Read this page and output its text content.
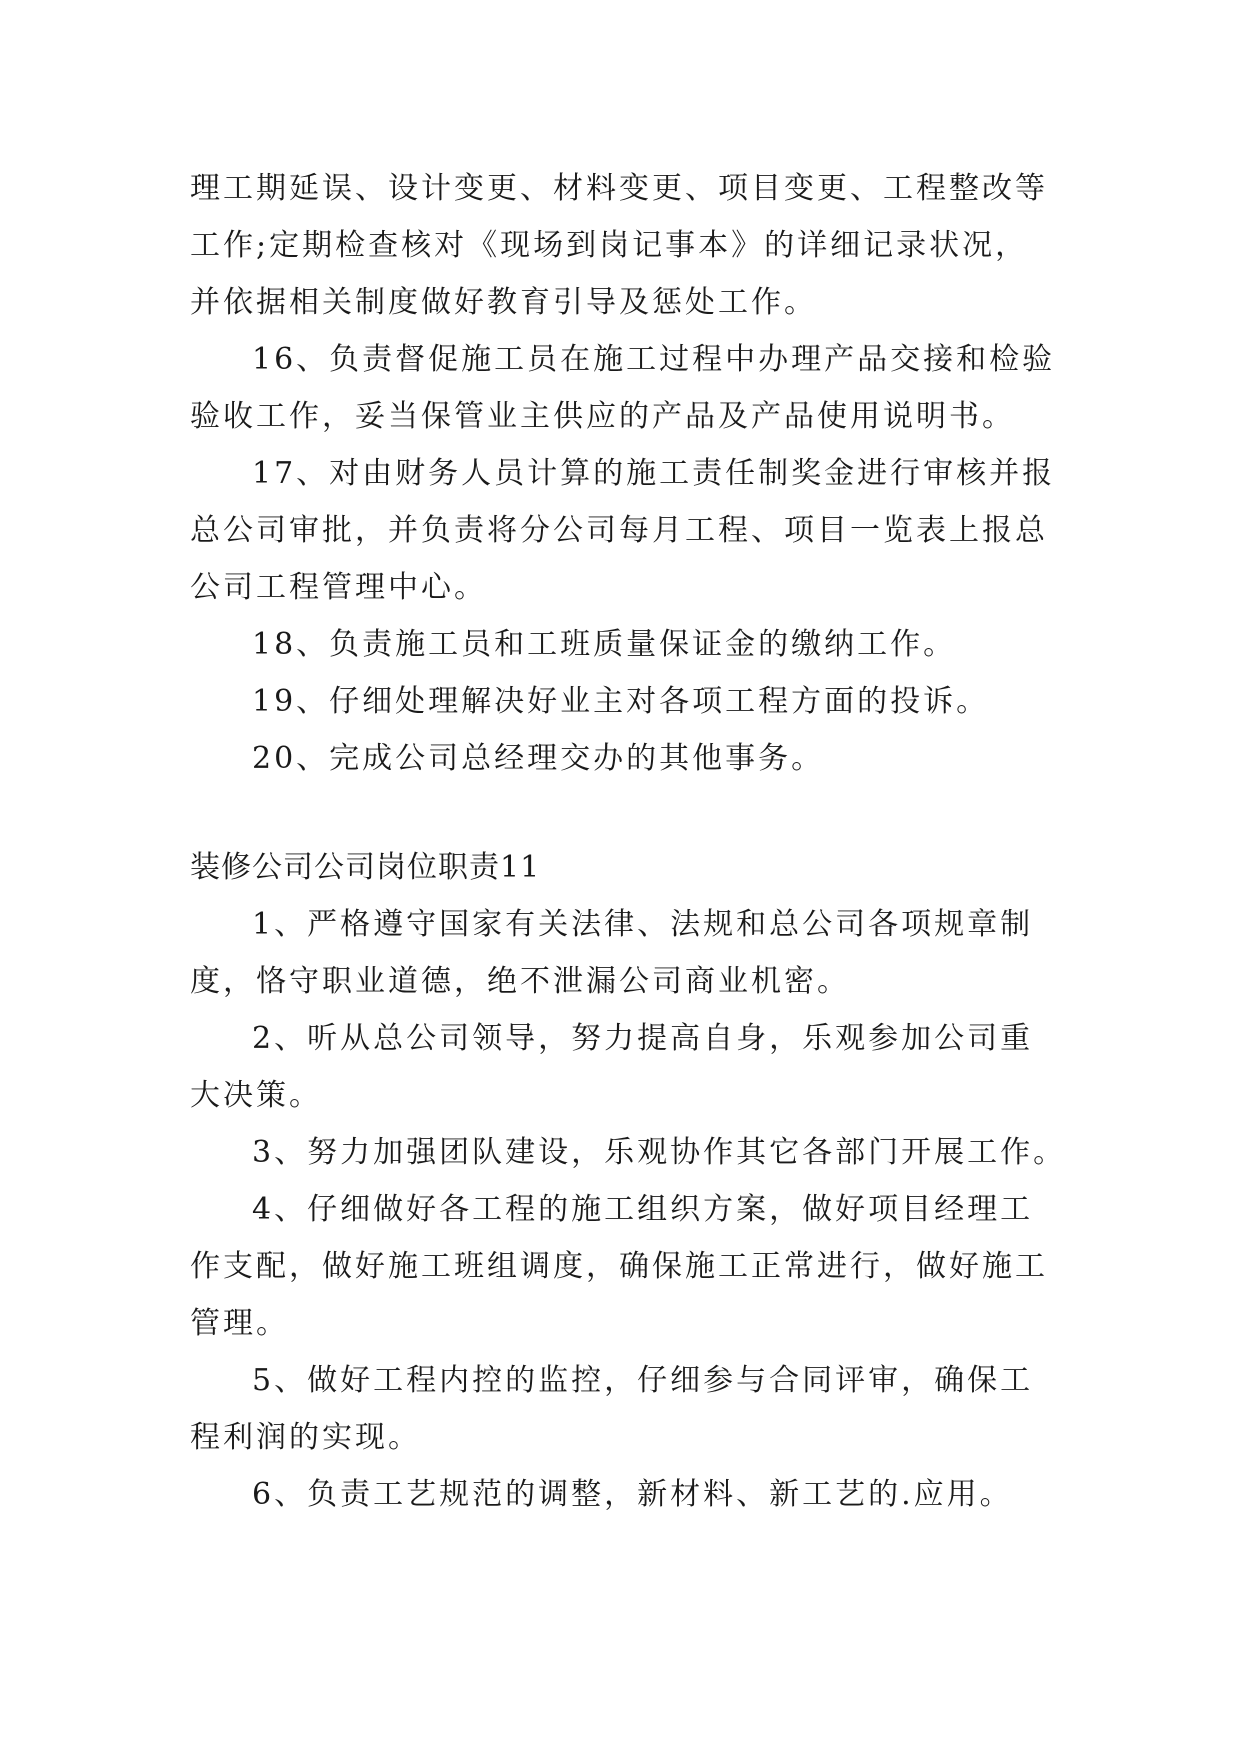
理工期延误、设计变更、材料变更、项目变更、工程整改等
工作;定期检查核对《现场到岗记事本》的详细记录状况，
并依据相关制度做好教育引导及惩处工作。
16、负责督促施工员在施工过程中办理产品交接和检验
验收工作，妥当保管业主供应的产品及产品使用说明书。
17、对由财务人员计算的施工责任制奖金进行审核并报
总公司审批，并负责将分公司每月工程、项目一览表上报总
公司工程管理中心。
18、负责施工员和工班质量保证金的缴纳工作。
19、仔细处理解决好业主对各项工程方面的投诉。
20、完成公司总经理交办的其他事务。
装修公司公司岗位职责11
1、严格遵守国家有关法律、法规和总公司各项规章制
度，恪守职业道德，绝不泄漏公司商业机密。
2、听从总公司领导，努力提高自身，乐观参加公司重
大决策。
3、努力加强团队建设，乐观协作其它各部门开展工作。
4、仔细做好各工程的施工组织方案，做好项目经理工
作支配，做好施工班组调度，确保施工正常进行，做好施工
管理。
5、做好工程内控的监控，仔细参与合同评审，确保工
程利润的实现。
6、负责工艺规范的调整，新材料、新工艺的.应用。
